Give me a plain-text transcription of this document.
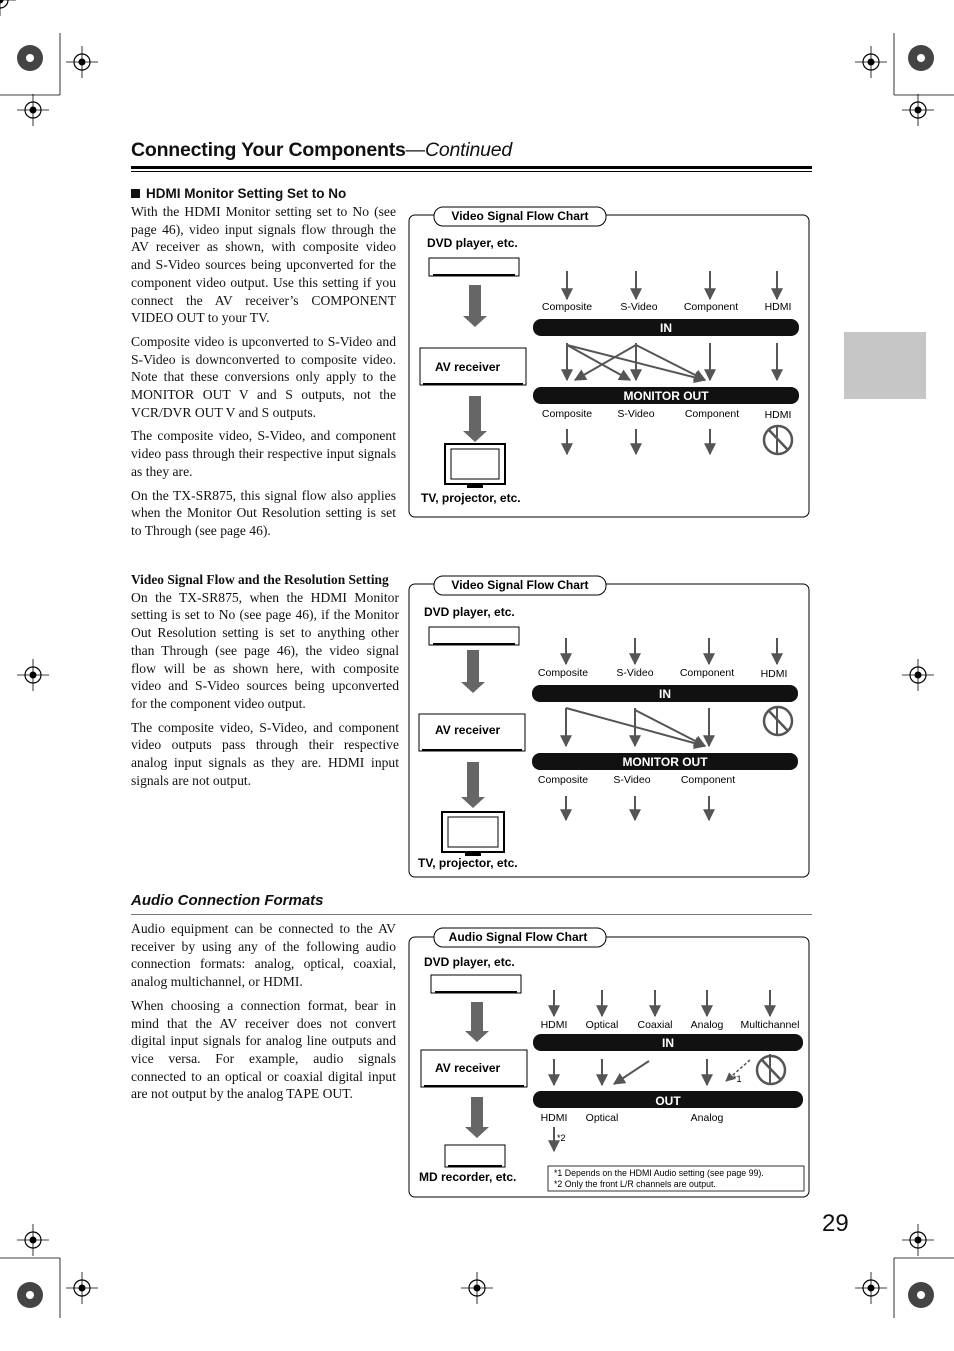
Connecting Your Components—Continued
HDMI Monitor Setting Set to No

With the HDMI Monitor setting set to No (see page 46), video input signals flow through the AV receiver as shown, with composite video and S-Video sources being upconverted for the component video output. Use this setting if you connect the AV receiver’s COMPONENT VIDEO OUT to your TV.

Composite video is upconverted to S-Video and S-Video is downconverted to composite video. Note that these conversions only apply to the MONITOR OUT V and S outputs, not the VCR/DVR OUT V and S outputs.

The composite video, S-Video, and component video pass through their respective input signals as they are.

On the TX-SR875, this signal flow also applies when the Monitor Out Resolution setting is set to Through (see page 46).

Video Signal Flow and the Resolution Setting

On the TX-SR875, when the HDMI Monitor setting is set to No (see page 46), if the Monitor Out Resolution setting is set to anything other than Through (see page 46), the video signal flow will be as shown here, with composite video and S-Video sources being upconverted for the component video output.

The composite video, S-Video, and component video outputs pass through their respective analog input signals as they are. HDMI input signals are not output.

Audio Connection Formats

Audio equipment can be connected to the AV receiver by using any of the following audio connection formats: analog, optical, coaxial, analog multichannel, or HDMI.

When choosing a connection format, bear in mind that the AV receiver does not convert digital input signals for analog line outputs and vice versa. For example, audio signals connected to an optical or coaxial digital input are not output by the analog TAPE OUT.

Video Signal Flow Chart
DVD player, etc.
AV receiver
TV, projector, etc.
Composite	S-Video	Component	HDMI
IN
MONITOR OUT
Composite S-Video	Component HDMI
Video Signal Flow Chart
DVD player, etc.
AV receiver
TV, projector, etc.
Composite	S-Video	Component	HDMI
IN
MONITOR OUT
Composite S-Video	Component
Audio Signal Flow Chart
DVD player, etc.
AV receiver
MD recorder, etc.
HDMI Optical Coaxial Analog Multichannel
IN
*1
OUT
HDMI Optical	Analog
*2
*1 Depends on the HDMI Audio setting (see page 99).
*2 Only the front L/R channels are output.
29
